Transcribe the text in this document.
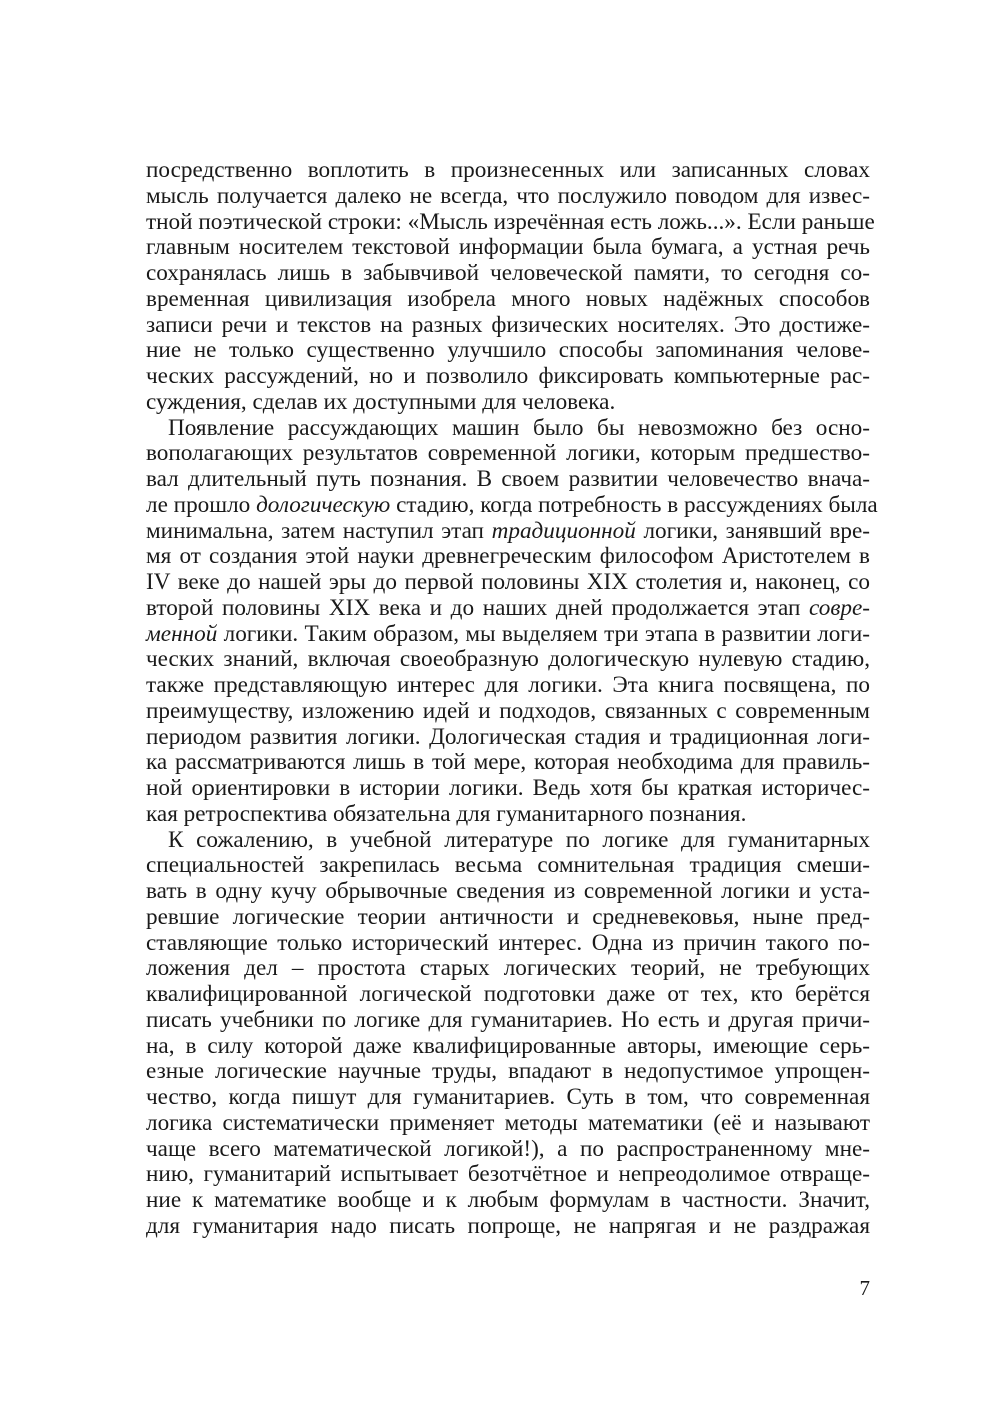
посредственно воплотить в произнесенных или записанных словах
мысль получается далеко не всегда, что послужило поводом для извес-
тной поэтической строки: «Мысль изречённая есть ложь...». Если раньше
главным носителем текстовой информации была бумага, а устная речь
сохранялась лишь в забывчивой человеческой памяти, то сегодня со-
временная цивилизация изобрела много новых надёжных способов
записи речи и текстов на разных физических носителях. Это достиже-
ние не только существенно улучшило способы запоминания челове-
ческих рассуждений, но и позволило фиксировать компьютерные рас-
суждения, сделав их доступными для человека.
Появление рассуждающих машин было бы невозможно без осно-
вополагающих результатов современной логики, которым предшество-
вал длительный путь познания. В своем развитии человечество внача-
ле прошло дологическую стадию, когда потребность в рассуждениях была
минимальна, затем наступил этап традиционной логики, занявший вре-
мя от создания этой науки древнегреческим философом Аристотелем в
IV веке до нашей эры до первой половины XIX столетия и, наконец, со
второй половины XIX века и до наших дней продолжается этап совре-
менной логики. Таким образом, мы выделяем три этапа в развитии логи-
ческих знаний, включая своеобразную дологическую нулевую стадию,
также представляющую интерес для логики. Эта книга посвящена, по
преимуществу, изложению идей и подходов, связанных с современным
периодом развития логики. Дологическая стадия и традиционная логи-
ка рассматриваются лишь в той мере, которая необходима для правиль-
ной ориентировки в истории логики. Ведь хотя бы краткая историчес-
кая ретроспектива обязательна для гуманитарного познания.
К сожалению, в учебной литературе по логике для гуманитарных
специальностей закрепилась весьма сомнительная традиция смеши-
вать в одну кучу обрывочные сведения из современной логики и уста-
ревшие логические теории античности и средневековья, ныне пред-
ставляющие только исторический интерес. Одна из причин такого по-
ложения дел – простота старых логических теорий, не требующих
квалифицированной логической подготовки даже от тех, кто берётся
писать учебники по логике для гуманитариев. Но есть и другая причи-
на, в силу которой даже квалифицированные авторы, имеющие серь-
езные логические научные труды, впадают в недопустимое упрощен-
чество, когда пишут для гуманитариев. Суть в том, что современная
логика систематически применяет методы математики (её и называют
чаще всего математической логикой!), а по распространенному мне-
нию, гуманитарий испытывает безотчётное и непреодолимое отвраще-
ние к математике вообще и к любым формулам в частности. Значит,
для гуманитария надо писать попроще, не напрягая и не раздражая
7
